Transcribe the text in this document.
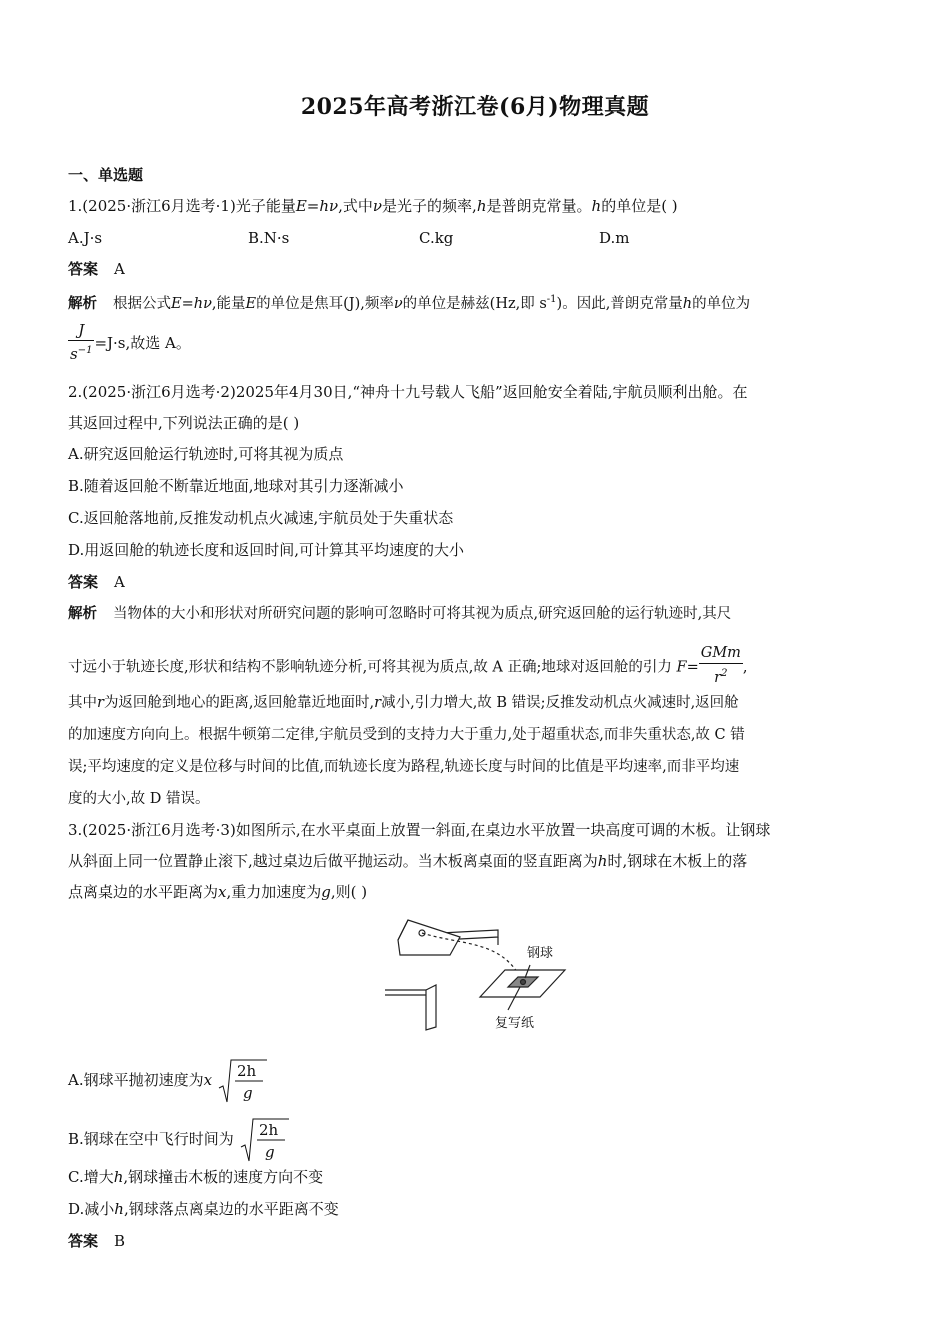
2025年高考浙江卷(6月)物理真题
一、单选题
1.(2025·浙江6月选考·1)光子能量E=hν,式中ν是光子的频率,h是普朗克常量。h的单位是( )
A.J·s	B.N·s	C.kg	D.m
答案 A
解析 根据公式E=hν,能量E的单位是焦耳(J),频率ν的单位是赫兹(Hz,即 $s^{-1}$)。因此,普朗克常量h的单位为
$\frac{J}{s^{-1}} =J\cdot s$,故选 A。
2.(2025·浙江6月选考·2)2025年4月30日,“神舟十九号载人飞船”返回舱安全着陆,宇航员顺利出舱。在
其返回过程中,下列说法正确的是( )
A.研究返回舱运行轨迹时,可将其视为质点
B.随着返回舱不断靠近地面,地球对其引力逐渐减小
C.返回舱落地前,反推发动机点火减速,宇航员处于失重状态
D.用返回舱的轨迹长度和返回时间,可计算其平均速度的大小
答案 A
解析 当物体的大小和形状对所研究问题的影响可忽略时可将其视为质点,研究返回舱的运行轨迹时,其尺
寸远小于轨迹长度,形状和结构不影响轨迹分析,可将其视为质点,故 A 正确;地球对返回舱的引力 $F= \frac{\text{GMm}}{r^2}$ ,
其中r为返回舱到地心的距离,返回舱靠近地面时,r减小,引力增大,故 B 错误;反推发动机点火减速时,返回舱
的加速度方向向上。根据牛顿第二定律,宇航员受到的支持力大于重力,处于超重状态,而非失重状态,故 C 错
误;平均速度的定义是位移与时间的比值,而轨迹长度为路程,轨迹长度与时间的比值是平均速率,而非平均速
度的大小,故 D 错误。
3.(2025·浙江6月选考·3)如图所示,在水平桌面上放置一斜面,在桌边水平放置一块高度可调的木板。让钢球
从斜面上同一位置静止滚下,越过桌边后做平抛运动。当木板离桌面的竖直距离为h时,钢球在木板上的落
点离桌边的水平距离为x,重力加速度为g,则( )
钢球
复写纸
A.钢球平抛初速度为x 2h
g
B.钢球在空中飞行时间为 2h
g
C.增大h,钢球撞击木板的速度方向不变
D.减小h,钢球落点离桌边的水平距离不变
答案 B
